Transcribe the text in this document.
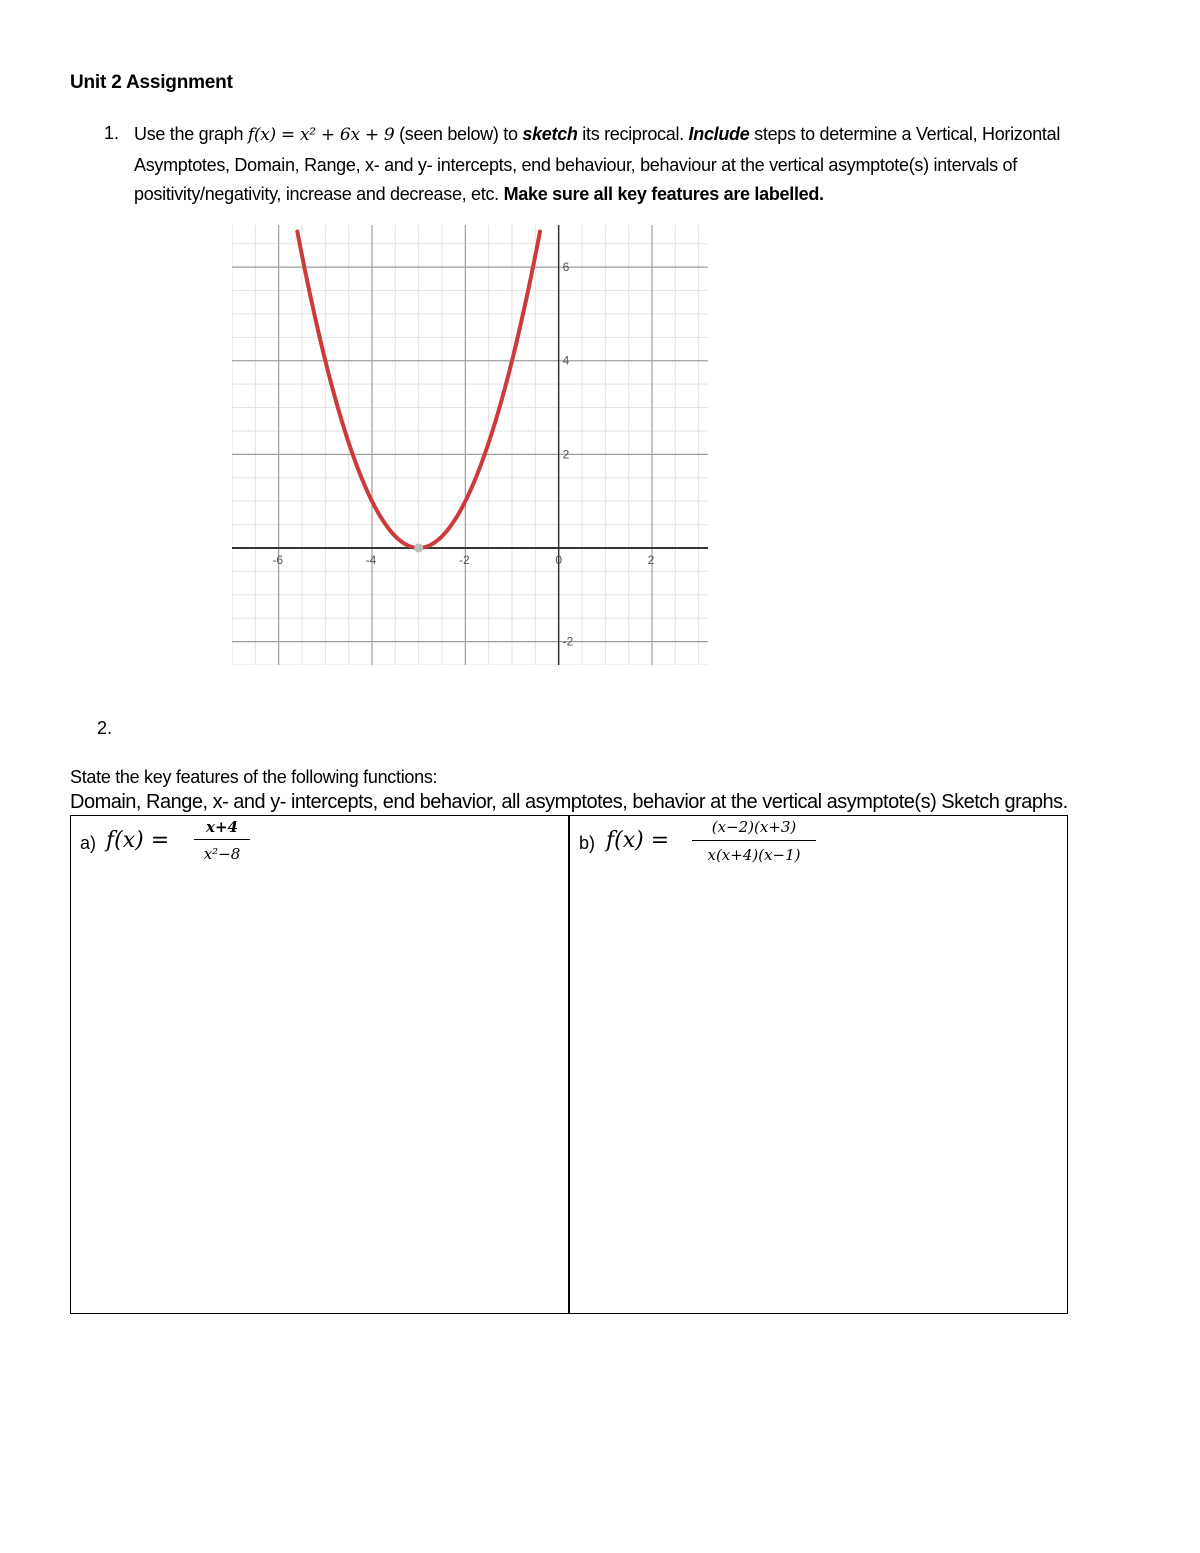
Unit 2 Assignment
1. Use the graph f(x) = x² + 6x + 9 (seen below) to sketch its reciprocal. Include steps to determine a Vertical, Horizontal Asymptotes, Domain, Range, x- and y- intercepts, end behaviour, behaviour at the vertical asymptote(s) intervals of positivity/negativity, increase and decrease, etc. Make sure all key features are labelled.
-6	-4	-2	0	2
6
4
2
-2
2.
State the key features of the following functions:
Domain, Range, x- and y- intercepts, end behavior, all asymptotes, behavior at the vertical asymptote(s) Sketch graphs.
a) f(x) =
x+4
x²−8
b) f(x) =
(x−2)(x+3)
x(x+4)(x−1)
